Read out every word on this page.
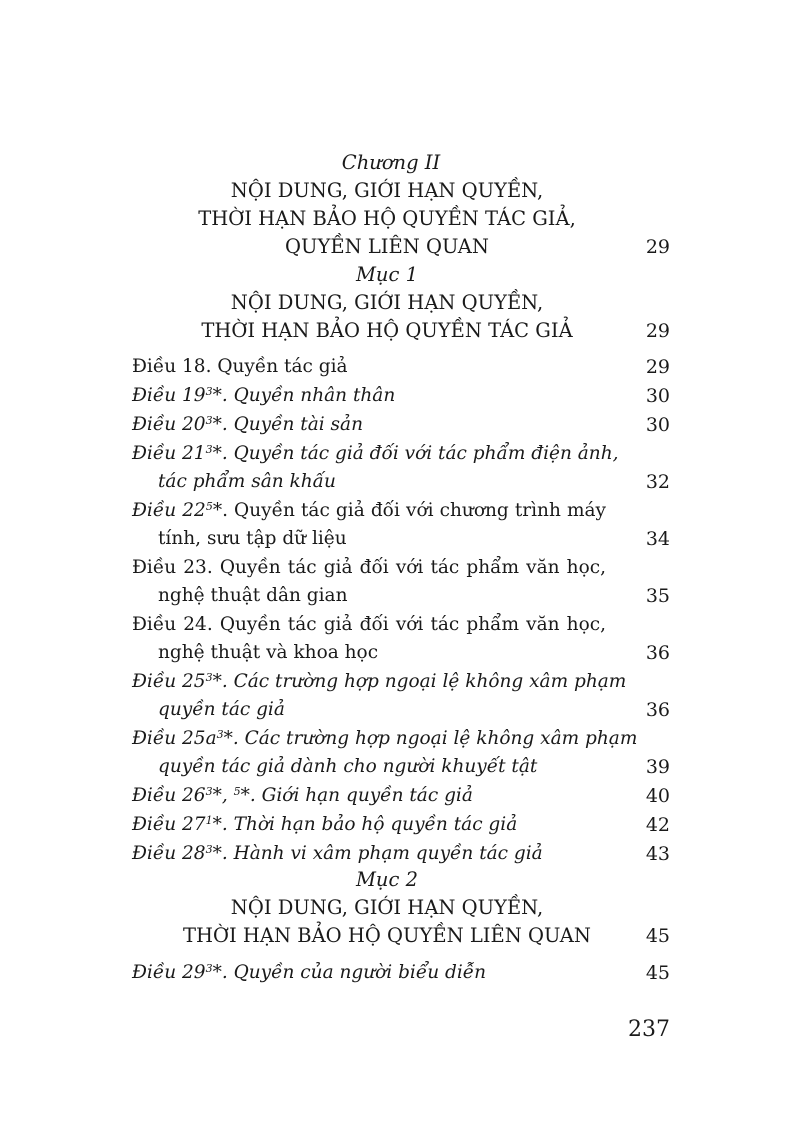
Chương II
NỘI DUNG, GIỚI HẠN QUYỀN,
THỜI HẠN BẢO HỘ QUYỀN TÁC GIẢ,
QUYỀN LIÊN QUAN	29
Mục 1
NỘI DUNG, GIỚI HẠN QUYỀN,
THỜI HẠN BẢO HỘ QUYỀN TÁC GIẢ	29
Điều 18. Quyền tác giả	29
Điều $19^3*$. Quyền nhân thân	30
Điều $20^3*$. Quyền tài sản	30
Điều $21^3*$. Quyền tác giả đối với tác phẩm điện ảnh,
tác phẩm sân khấu	32
Điều $22^5*$. Quyền tác giả đối với chương trình máy
tính, sưu tập dữ liệu	34
Điều 23. Quyền tác giả đối với tác phẩm văn học,
nghệ thuật dân gian	35
Điều 24. Quyền tác giả đối với tác phẩm văn học,
nghệ thuật và khoa học	36
Điều $25^3*$. Các trường hợp ngoại lệ không xâm phạm
quyền tác giả	36
Điều $25a^3*$. Các trường hợp ngoại lệ không xâm phạm
quyền tác giả dành cho người khuyết tật	39
Điều $26^3*$, $^5$*. Giới hạn quyền tác giả	40
Điều $27^1*$. Thời hạn bảo hộ quyền tác giả	42
Điều $28^3*$. Hành vi xâm phạm quyền tác giả	43
Mục 2
NỘI DUNG, GIỚI HẠN QUYỀN,
THỜI HẠN BẢO HỘ QUYỀN LIÊN QUAN	45
Điều $29^3*$. Quyền của người biểu diễn	45
237
